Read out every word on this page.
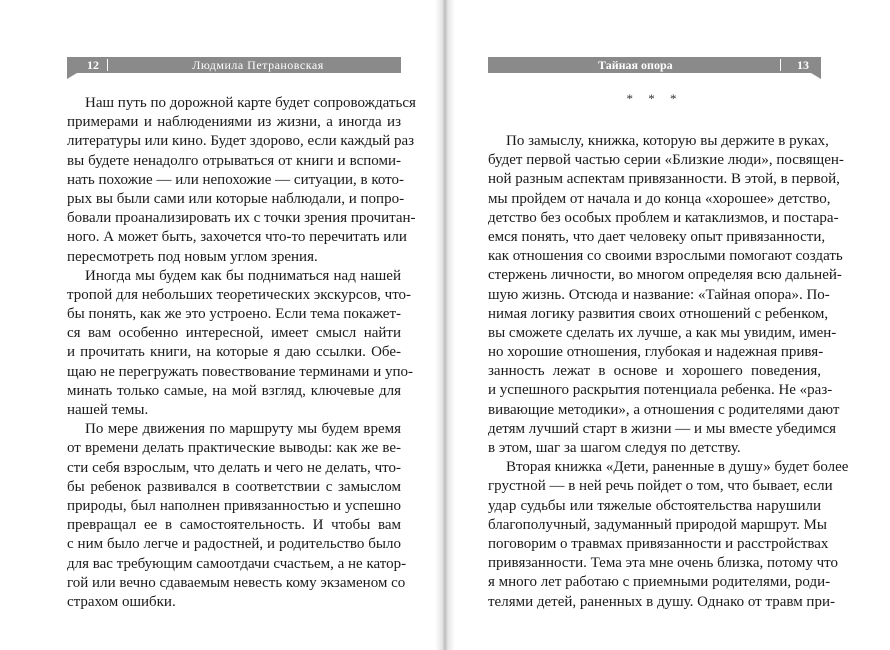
12	Людмила Петрановская	Тайная опора	13
Наш путь по дорожной карте будет сопровождаться
примерами и наблюдениями из жизни, а иногда из
литературы или кино. Будет здорово, если каждый раз
вы будете ненадолго отрываться от книги и вспоми-
нать похожие — или непохожие — ситуации, в кото-
рых вы были сами или которые наблюдали, и попро-
бовали проанализировать их с точки зрения прочитан-
ного. А может быть, захочется что-то перечитать или
пересмотреть под новым углом зрения.
Иногда мы будем как бы подниматься над нашей
тропой для небольших теоретических экскурсов, что-
бы понять, как же это устроено. Если тема покажет-
ся вам особенно интересной, имеет смысл найти
и прочитать книги, на которые я даю ссылки. Обе-
щаю не перегружать повествование терминами и упо-
минать только самые, на мой взгляд, ключевые для
нашей темы.
По мере движения по маршруту мы будем время
от времени делать практические выводы: как же ве-
сти себя взрослым, что делать и чего не делать, что-
бы ребенок развивался в соответствии с замыслом
природы, был наполнен привязанностью и успешно
превращал ее в самостоятельность. И чтобы вам
с ним было легче и радостней, и родительство было
для вас требующим самоотдачи счастьем, а не катор-
гой или вечно сдаваемым невесть кому экзаменом со
страхом ошибки.
* * *
По замыслу, книжка, которую вы держите в руках,
будет первой частью серии «Близкие люди», посвящен-
ной разным аспектам привязанности. В этой, в первой,
мы пройдем от начала и до конца «хорошее» детство,
детство без особых проблем и катаклизмов, и постара-
емся понять, что дает человеку опыт привязанности,
как отношения со своими взрослыми помогают создать
стержень личности, во многом определяя всю дальней-
шую жизнь. Отсюда и название: «Тайная опора». По-
нимая логику развития своих отношений с ребенком,
вы сможете сделать их лучше, а как мы увидим, имен-
но хорошие отношения, глубокая и надежная привя-
занность лежат в основе и хорошего поведения,
и успешного раскрытия потенциала ребенка. Не «раз-
вивающие методики», а отношения с родителями дают
детям лучший старт в жизни — и мы вместе убедимся
в этом, шаг за шагом следуя по детству.
Вторая книжка «Дети, раненные в душу» будет более
грустной — в ней речь пойдет о том, что бывает, если
удар судьбы или тяжелые обстоятельства нарушили
благополучный, задуманный природой маршрут. Мы
поговорим о травмах привязанности и расстройствах
привязанности. Тема эта мне очень близка, потому что
я много лет работаю с приемными родителями, роди-
телями детей, раненных в душу. Однако от травм при-
